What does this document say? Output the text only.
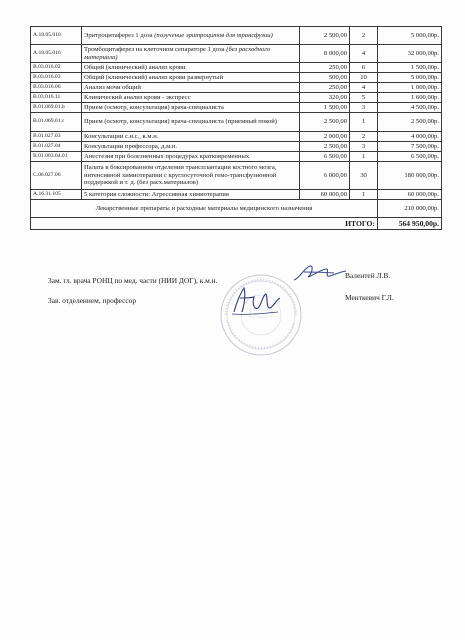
A.18.05.010	Эритроцитаферез 1 доза (получение эритроцитов для трансфузии)	2 500,00	2	5 000,00р.
A.18.05.016	Тромбоцитаферез на клеточном сепараторе 1 доза (без расходного материала)	8 000,00	4	32 000,00р.
B.03.016.02	Общий (клинический) анализ крови	250,00	6	1 500,00р.
B.03.016.03	Общий (клинический) анализ крови развернутый	500,00	10	5 000,00р.
B.03.016.06	Анализ мочи общий	250,00	4	1 000,00р.
B.03.016.11	Клинический анализ крови - экспресс	320,00	5	1 600,00р.
B.01.069.01.b	Прием (осмотр, консультация) врача-специалиста	1 500,00	3	4 500,00р.
B.01.069.01.c	Прием (осмотр, консультация) врача-специалиста (приемный покой)	2 500,00	1	2 500,00р.
B.01.027.03	Консультации с.н.с., к.м.н.	2 000,00	2	4 000,00р.
B.01.027.04	Консультации профессора, д.м.н.	2 500,00	3	7 500,00р.
B.01.003.04.01	Анестезия при болезненных процедурах кратковременных	6 500,00	1	6 500,00р.
C.06.027.06	Палата в боксированном отделении трансплантации костного мозга, интенсивной химиотерапии с круглосуточной гемо-трансфузионной поддержкой и т. д. (без расх.материалов)	6 000,00	30	180 000,00р.
A.16.31.105	5 категория сложности: Агрессивная химиотерапия	60 000,00	1	60 000,00р.
Лекарственные препараты и расходные материалы медицинского назначения				210 000,00р.
ИТОГО:				564 950,00р.
Зам. гл. врача РОНЦ по мед. части (НИИ ДОГ), к.м.н.
Валентей Л.В.
Зав. отделением, профессор	Менткевич Г.Л.
